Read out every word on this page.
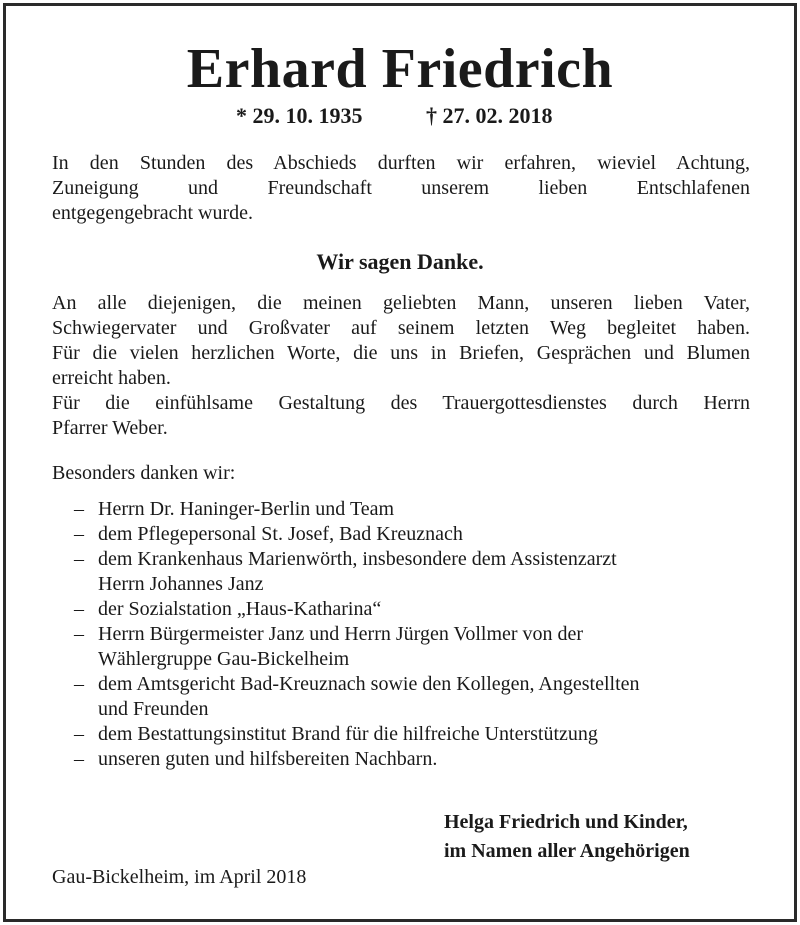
Erhard Friedrich
* 29. 10. 1935	† 27. 02. 2018
In den Stunden des Abschieds durften wir erfahren, wieviel Achtung,
Zuneigung und Freundschaft unserem lieben Entschlafenen
entgegengebracht wurde.
Wir sagen Danke.
An alle diejenigen, die meinen geliebten Mann, unseren lieben Vater,
Schwiegervater und Großvater auf seinem letzten Weg begleitet haben.
Für die vielen herzlichen Worte, die uns in Briefen, Gesprächen und Blumen
erreicht haben.
Für die einfühlsame Gestaltung des Trauergottesdienstes durch Herrn
Pfarrer Weber.
Besonders danken wir:
– Herrn Dr. Haninger-Berlin und Team
– dem Pflegepersonal St. Josef, Bad Kreuznach
– dem Krankenhaus Marienwörth, insbesondere dem Assistenzarzt
Herrn Johannes Janz
– der Sozialstation „Haus-Katharina“
– Herrn Bürgermeister Janz und Herrn Jürgen Vollmer von der
Wählergruppe Gau-Bickelheim
– dem Amtsgericht Bad-Kreuznach sowie den Kollegen, Angestellten
und Freunden
– dem Bestattungsinstitut Brand für die hilfreiche Unterstützung
– unseren guten und hilfsbereiten Nachbarn.
Helga Friedrich und Kinder,
im Namen aller Angehörigen
Gau-Bickelheim, im April 2018
